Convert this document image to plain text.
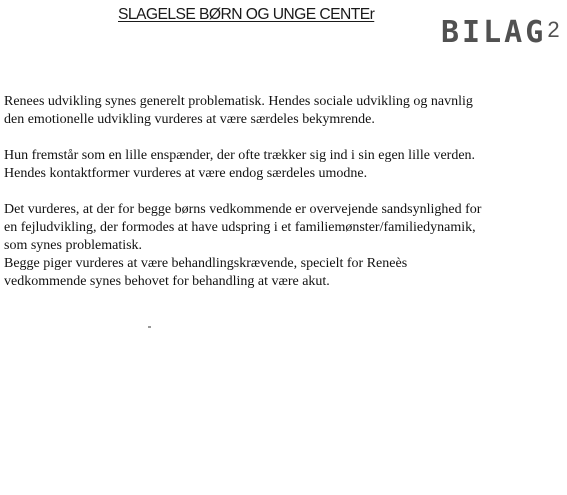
SLAGELSE BØRN OG UNGE CENTEr
BILAG2
Renees udvikling synes generelt problematisk. Hendes sociale udvikling og navnlig
den emotionelle udvikling vurderes at være særdeles bekymrende.
Hun fremstår som en lille enspænder, der ofte trækker sig ind i sin egen lille verden.
Hendes kontaktformer vurderes at være endog særdeles umodne.
Det vurderes, at der for begge børns vedkommende er overvejende sandsynlighed for
en fejludvikling, der formodes at have udspring i et familiemønster/familiedynamik,
som synes problematisk.
Begge piger vurderes at være behandlingskrævende, specielt for Reneès
vedkommende synes behovet for behandling at være akut.
